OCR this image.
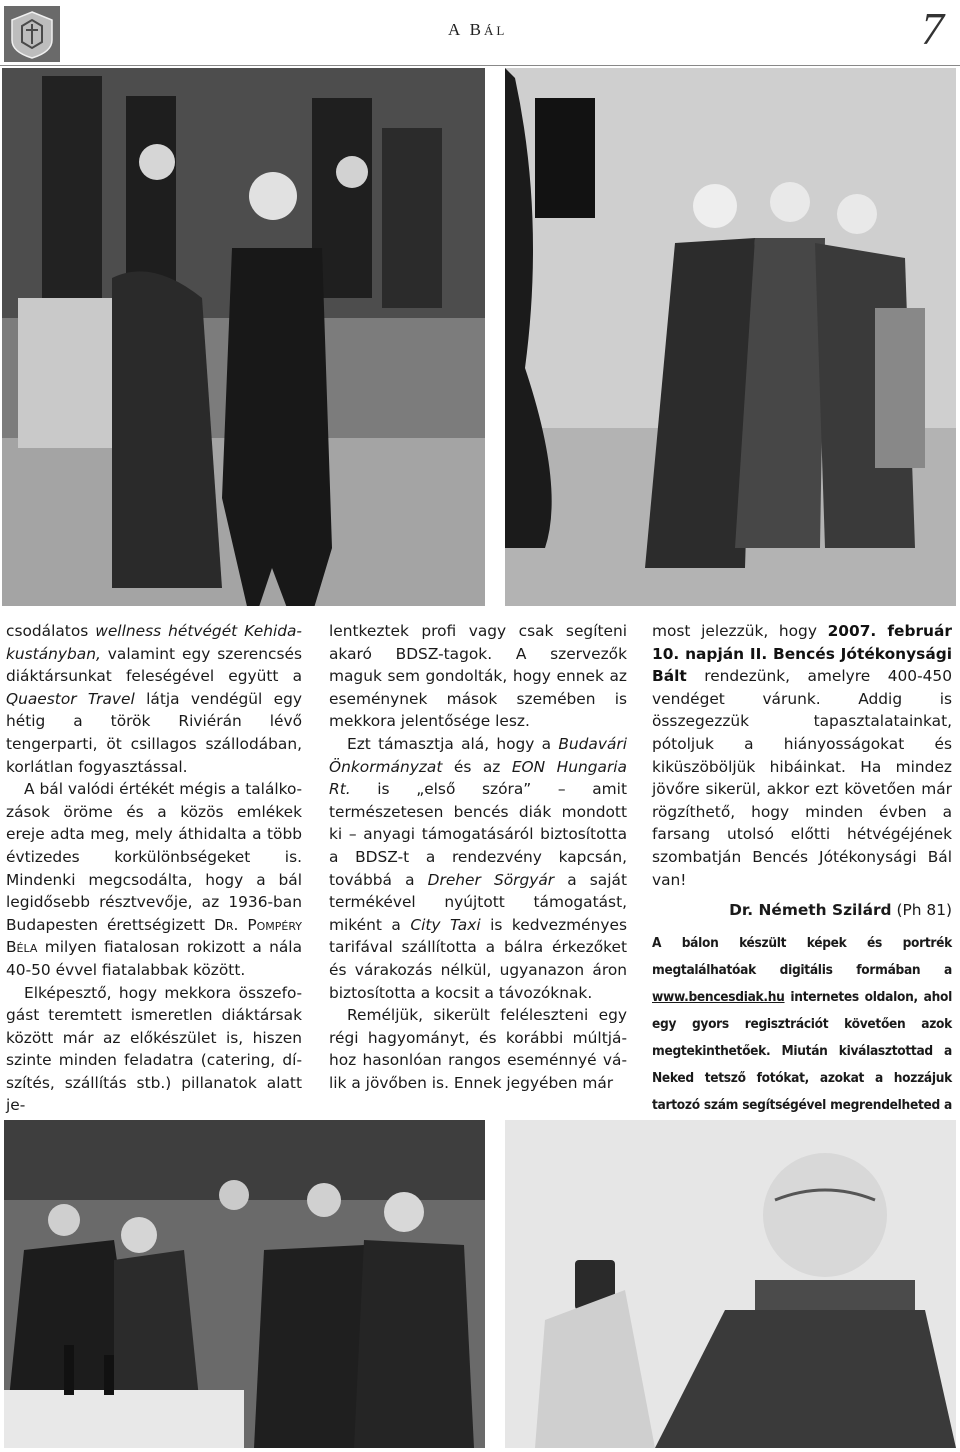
A BÁL	7

csodálatos wellness hétvégét Kehidakustányban, valamint egy szerencsés diáktársunkat feleségével együtt a Quaestor Travel látja vendégül egy hétig a török Riviérán lévő tengerparti, öt csillagos szállodában, korlátlan fogyasztással.

A bál valódi értékét mégis a találkozások öröme és a közös emlékek ereje adta meg, mely áthidalta a több évtizedes korkülönbségeket is. Mindenki megcsodálta, hogy a bál legidősebb résztvevője, az 1936-ban Budapesten érettségizett Dr. Pompéry Béla milyen fiatalosan rokizott a nála 40-50 évvel fiatalabbak között.

Elképesztő, hogy mekkora összefogást teremtett ismeretlen diáktársak között már az előkészület is, hiszen szinte minden feladatra (catering, díszítés, szállítás stb.) pillanatok alatt je-

lentkeztek profi vagy csak segíteni akaró BDSZ-tagok. A szervezők maguk sem gondolták, hogy ennek az eseménynek mások szemében is mekkora jelentősége lesz.

Ezt támasztja alá, hogy a Budavári Önkormányzat és az EON Hungaria Rt. is „első szóra” – amit természetesen bencés diák mondott ki – anyagi támogatásáról biztosította a BDSZ-t a rendezvény kapcsán, továbbá a Dreher Sörgyár a saját termékével nyújtott támogatást, miként a City Taxi is kedvezményes tarifával szállította a bálra érkezőket és várakozás nélkül, ugyanazon áron biztosította a kocsit a távozóknak.

Reméljük, sikerült feléleszteni egy régi hagyományt, és korábbi múltjához hasonlóan rangos eseménnyé válik a jövőben is. Ennek jegyében már

most jelezzük, hogy 2007. február 10. napján II. Bencés Jótékonysági Bált rendezünk, amelyre 400-450 vendéget várunk. Addig is összegezzük tapasztalatainkat, pótoljuk a hiányosságokat és kiküszöböljük hibáinkat. Ha mindez jövőre sikerül, akkor ezt követően már rögzíthető, hogy minden évben a farsang utolsó előtti hétvégéjének szombatján Bencés Jótékonysági Bál van!

Dr. Németh Szilárd (Ph 81)

A bálon készült képek és portrék megtalálhatóak digitális formában a www.bencesdiak.hu internetes oldalon, ahol egy gyors regisztrációt követően azok megtekinthetőek. Miután kiválasztottad a Neked tetsző fotókat, azokat a hozzájuk tartozó szám segítségével megrendelheted a
